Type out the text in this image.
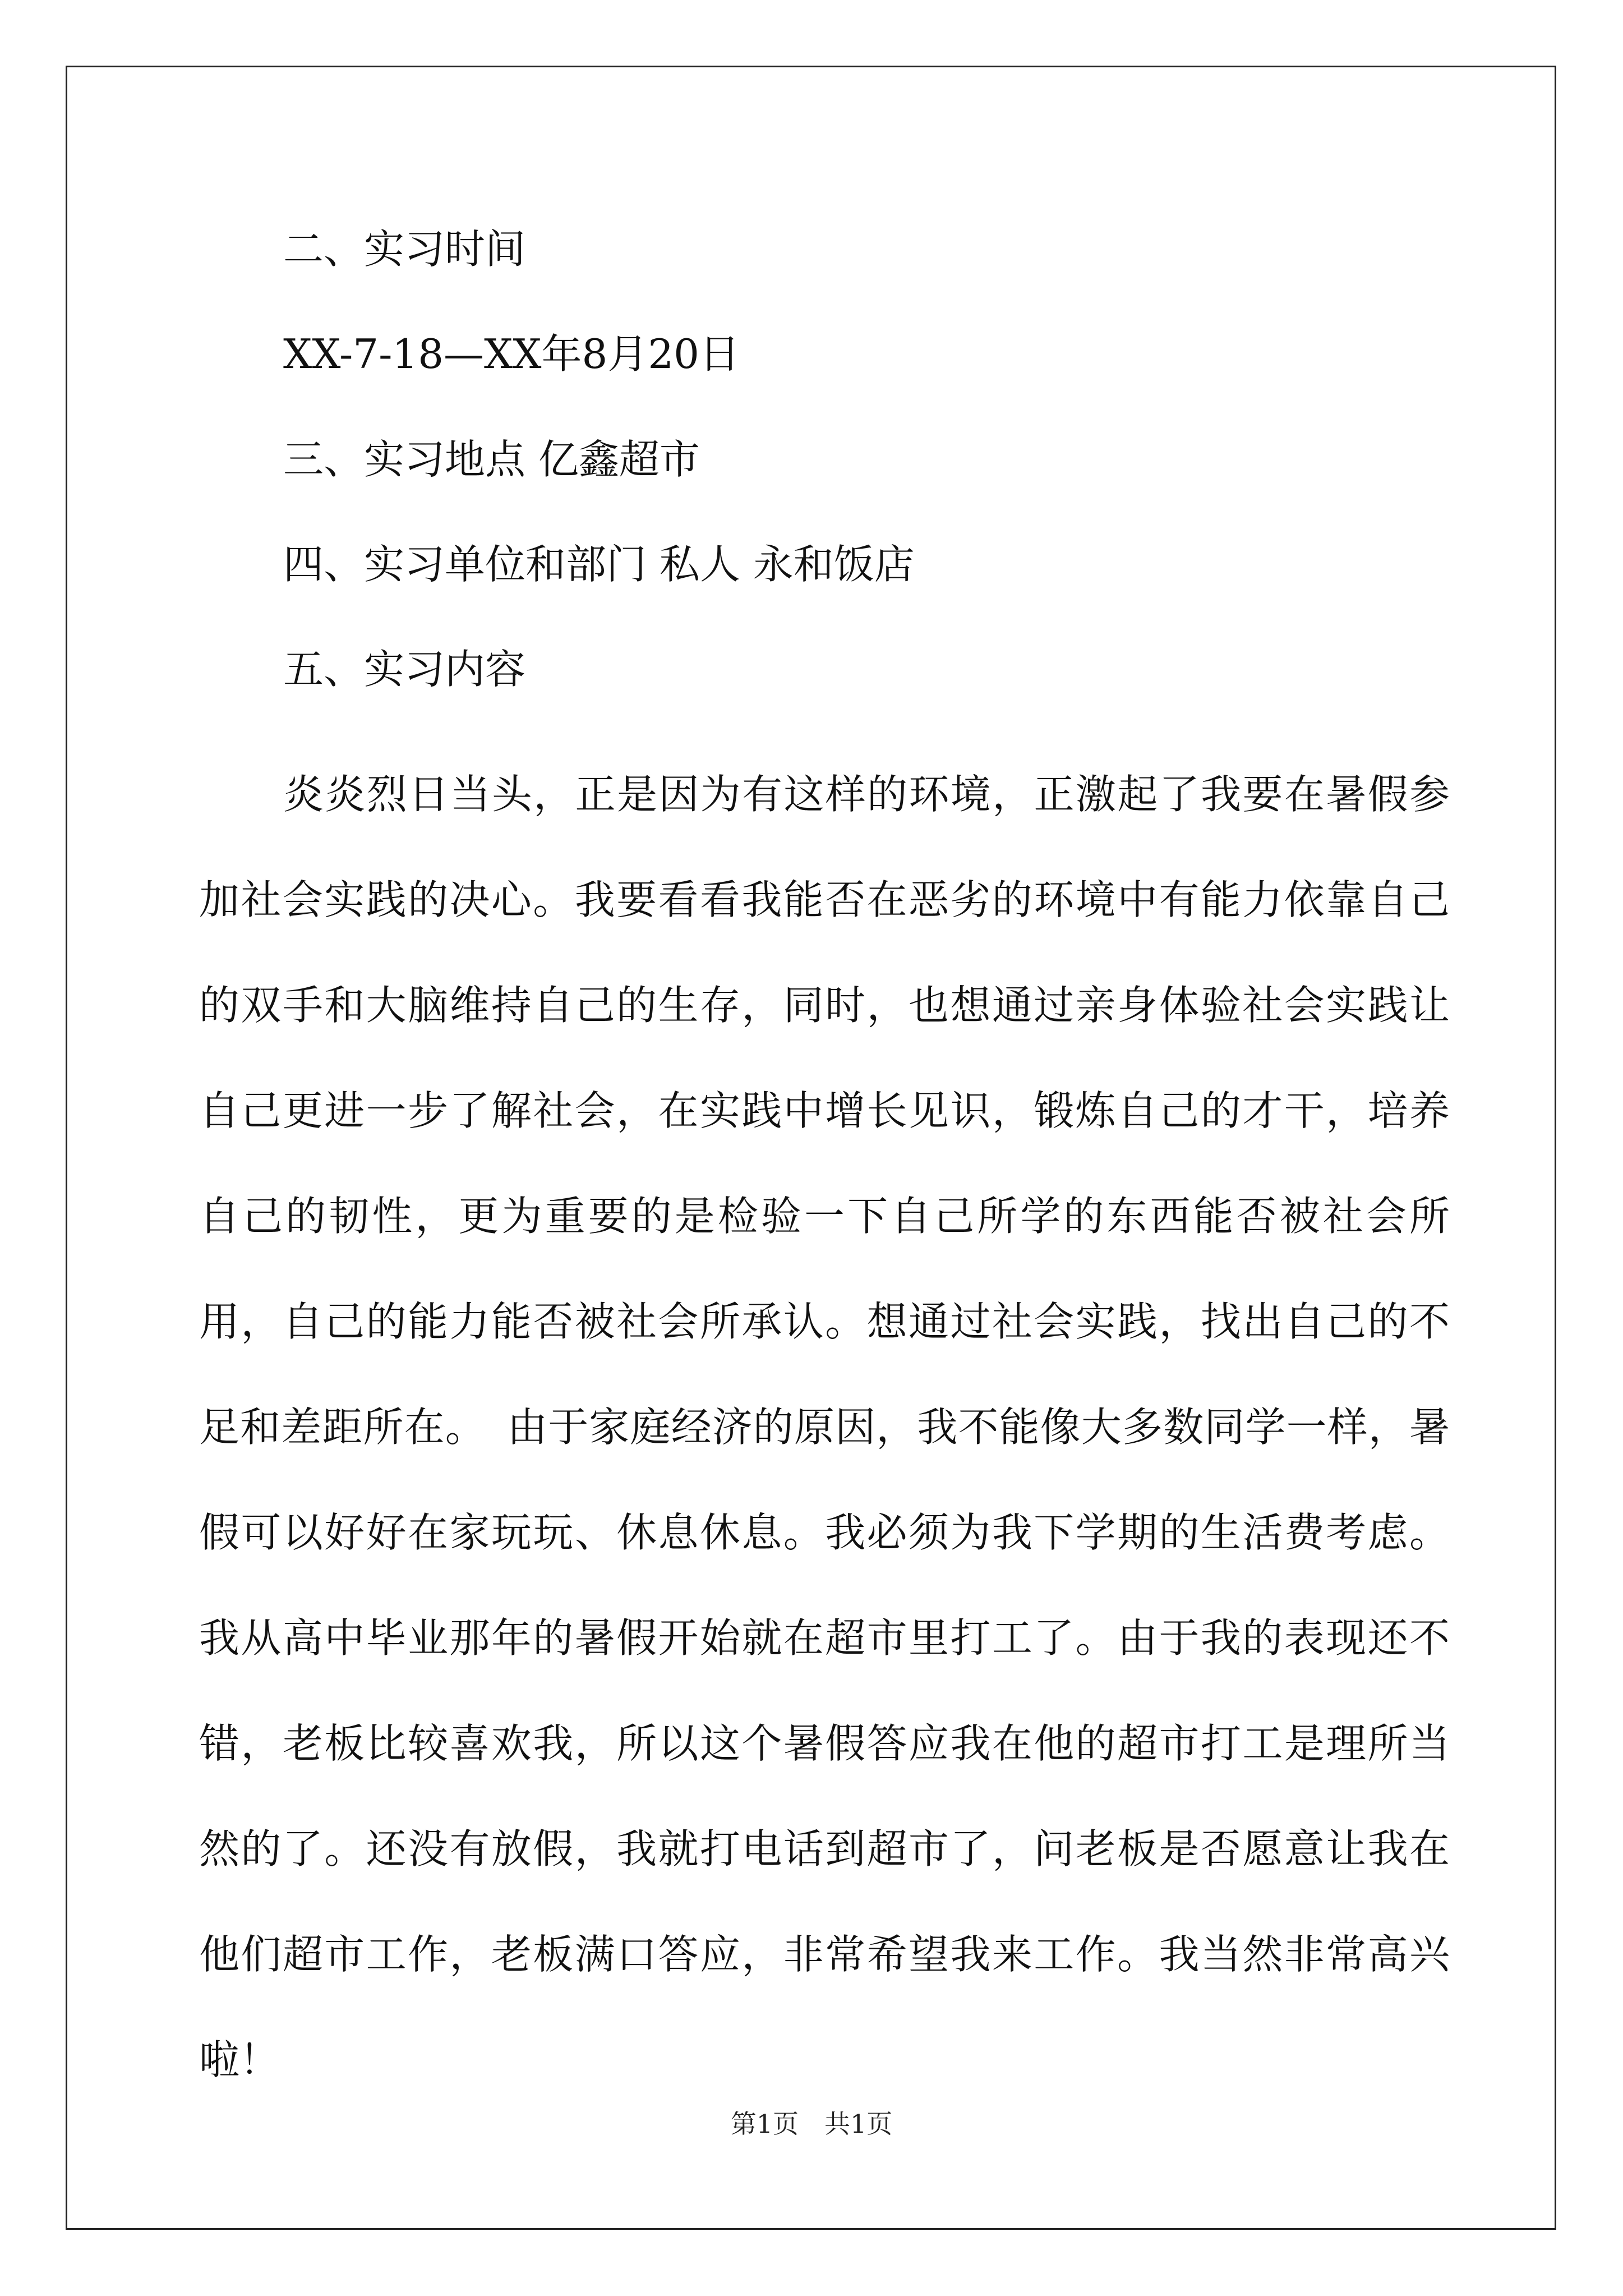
二、实习时间

XX-7-18—XX年8月20日

三、实习地点 亿鑫超市

四、实习单位和部门 私人 永和饭店

五、实习内容

炎炎烈日当头，正是因为有这样的环境，正激起了我要在暑假参加社会实践的决心。我要看看我能否在恶劣的环境中有能力依靠自己的双手和大脑维持自己的生存，同时，也想通过亲身体验社会实践让自己更进一步了解社会，在实践中增长见识，锻炼自己的才干，培养自己的韧性，更为重要的是检验一下自己所学的东西能否被社会所用，自己的能力能否被社会所承认。想通过社会实践，找出自己的不足和差距所在。　由于家庭经济的原因，我不能像大多数同学一样，暑假可以好好在家玩玩、休息休息。我必须为我下学期的生活费考虑。我从高中毕业那年的暑假开始就在超市里打工了。由于我的表现还不错，老板比较喜欢我，所以这个暑假答应我在他的超市打工是理所当然的了。还没有放假，我就打电话到超市了，问老板是否愿意让我在他们超市工作，老板满口答应，非常希望我来工作。我当然非常高兴啦！

第1页　共1页
